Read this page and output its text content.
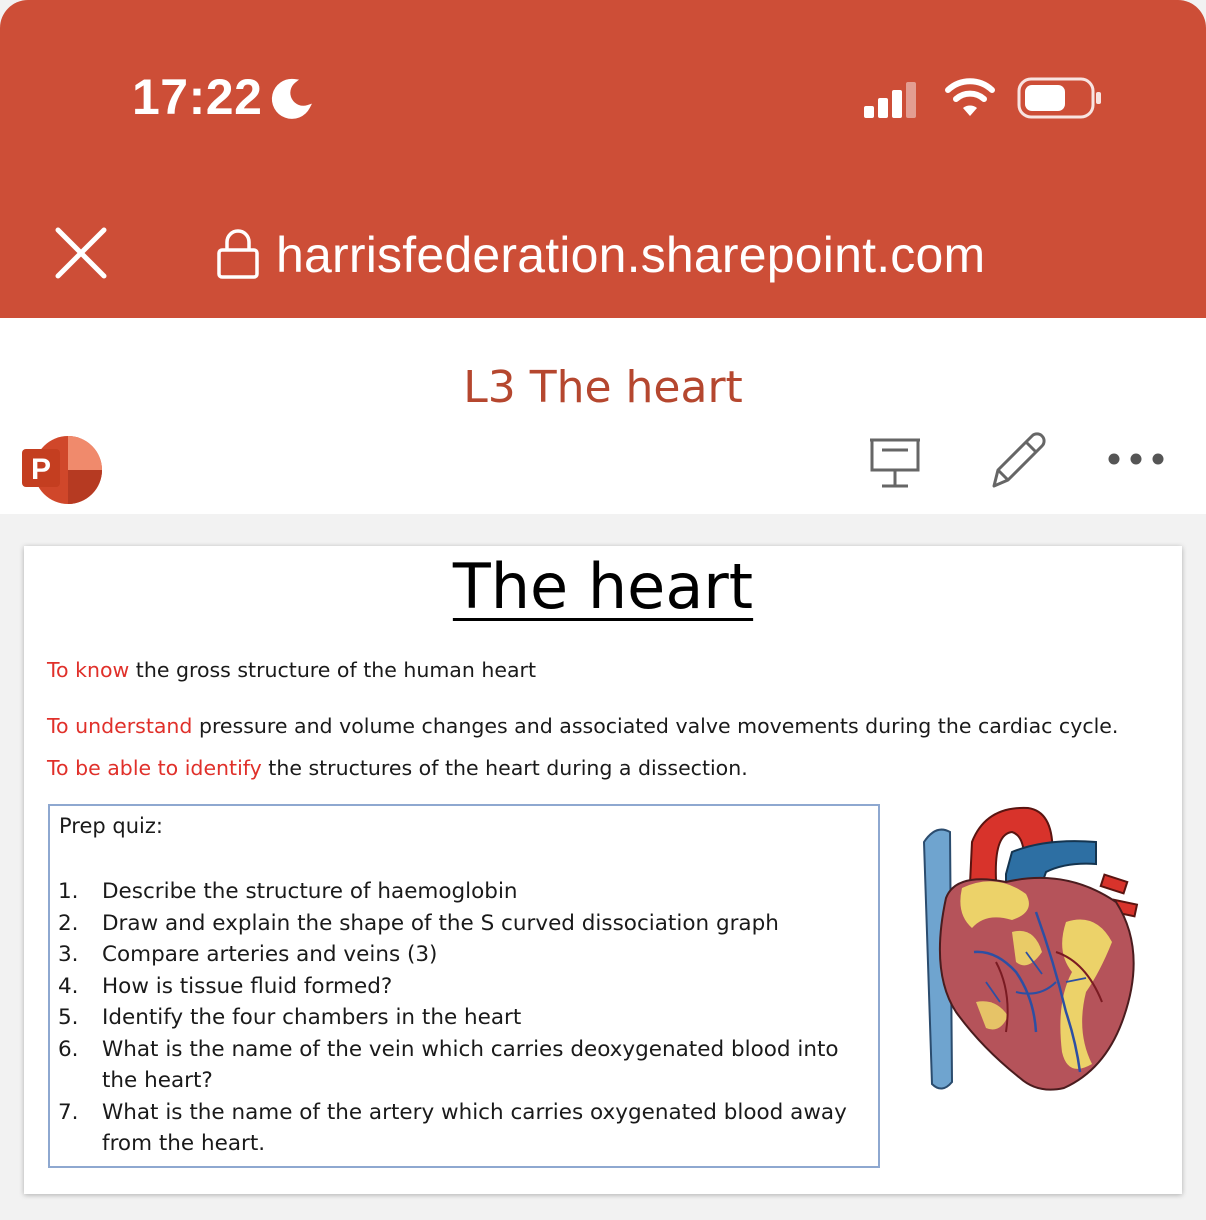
17:22
harrisfederation.sharepoint.com
L3 The heart
P
The heart
To know the gross structure of the human heart
To understand pressure and volume changes and associated valve movements during the cardiac cycle.
To be able to identify the structures of the heart during a dissection.
Prep quiz:
1.	Describe the structure of haemoglobin
2.	Draw and explain the shape of the S curved dissociation graph
3.	Compare arteries and veins (3)
4.	How is tissue fluid formed?
5.	Identify the four chambers in the heart
6.	What is the name of the vein which carries deoxygenated blood into the heart?
7.	What is the name of the artery which carries oxygenated blood away from the heart.
